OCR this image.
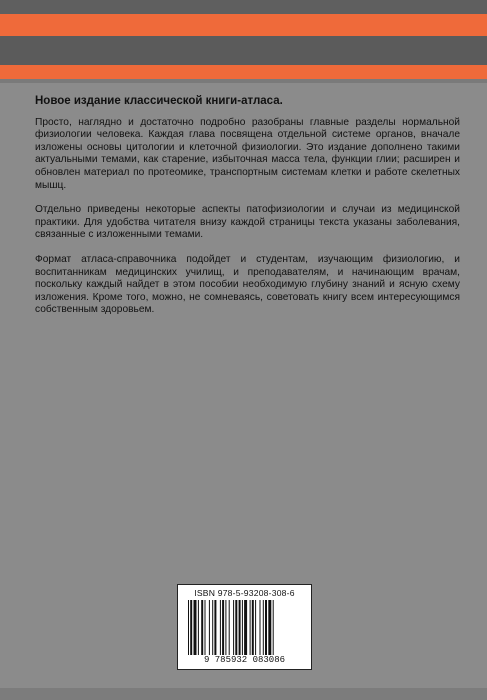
Новое издание классической книги-атласа.

Просто, наглядно и достаточно подробно разобраны главные разделы нормальной физиологии человека. Каждая глава посвящена отдельной системе органов, вначале изложены основы цитологии и клеточной физиологии. Это издание дополнено такими актуальными темами, как старение, избыточная масса тела, функции глии; расширен и обновлен материал по протеомике, транспортным системам клетки и работе скелетных мышц.

Отдельно приведены некоторые аспекты патофизиологии и случаи из медицинской практики. Для удобства читателя внизу каждой страницы текста указаны заболевания, связанные с изложенными темами.

Формат атласа-справочника подойдет и студентам, изучающим физиологию, и воспитанникам медицинских училищ, и преподавателям, и начинающим врачам, поскольку каждый найдет в этом пособии необходимую глубину знаний и ясную схему изложения. Кроме того, можно, не сомневаясь, советовать книгу всем интересующимся собственным здоровьем.

ISBN 978-5-93208-308-6
9 785932 083086
